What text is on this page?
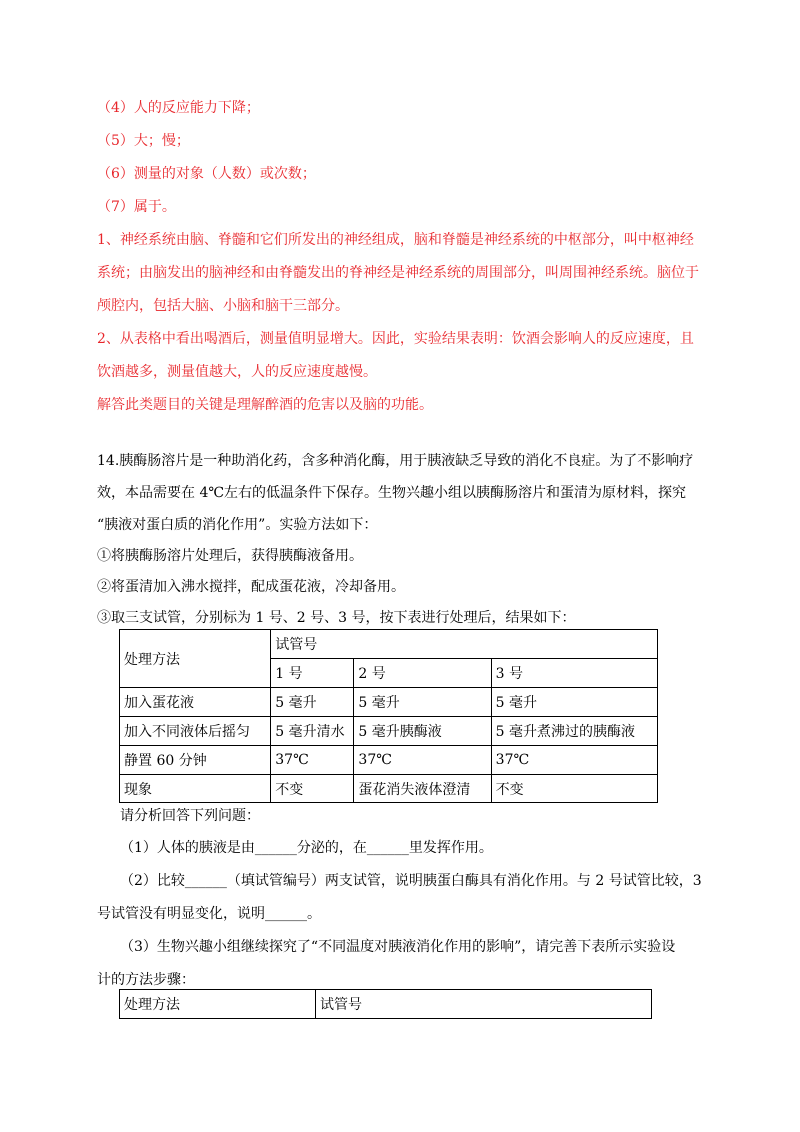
（4）人的反应能力下降；
（5）大；慢；
（6）测量的对象（人数）或次数；
（7）属于。
1、神经系统由脑、脊髓和它们所发出的神经组成，脑和脊髓是神经系统的中枢部分，叫中枢神经
系统；由脑发出的脑神经和由脊髓发出的脊神经是神经系统的周围部分，叫周围神经系统。脑位于
颅腔内，包括大脑、小脑和脑干三部分。
2、从表格中看出喝酒后，测量值明显增大。因此，实验结果表明：饮酒会影响人的反应速度，且
饮酒越多，测量值越大，人的反应速度越慢。
解答此类题目的关键是理解醉酒的危害以及脑的功能。
14.胰酶肠溶片是一种助消化药，含多种消化酶，用于胰液缺乏导致的消化不良症。为了不影响疗
效，本品需要在 4℃左右的低温条件下保存。生物兴趣小组以胰酶肠溶片和蛋清为原材料，探究
“胰液对蛋白质的消化作用”。实验方法如下：
①将胰酶肠溶片处理后，获得胰酶液备用。
②将蛋清加入沸水搅拌，配成蛋花液，冷却备用。
③取三支试管，分别标为 1 号、2 号、3 号，按下表进行处理后，结果如下：
处理方法	试管号		
	1 号	2 号	3 号
加入蛋花液	5 毫升	5 毫升	5 毫升
加入不同液体后摇匀	5 毫升清水	5 毫升胰酶液	5 毫升煮沸过的胰酶液
静置 60 分钟	37℃	37℃	37℃
现象	不变	蛋花消失液体澄清	不变
请分析回答下列问题：
（1）人体的胰液是由______分泌的，在______里发挥作用。
（2）比较______（填试管编号）两支试管，说明胰蛋白酶具有消化作用。与 2 号试管比较，3
号试管没有明显变化，说明______。
（3）生物兴趣小组继续探究了“不同温度对胰液消化作用的影响”，请完善下表所示实验设
计的方法步骤：
处理方法	试管号
